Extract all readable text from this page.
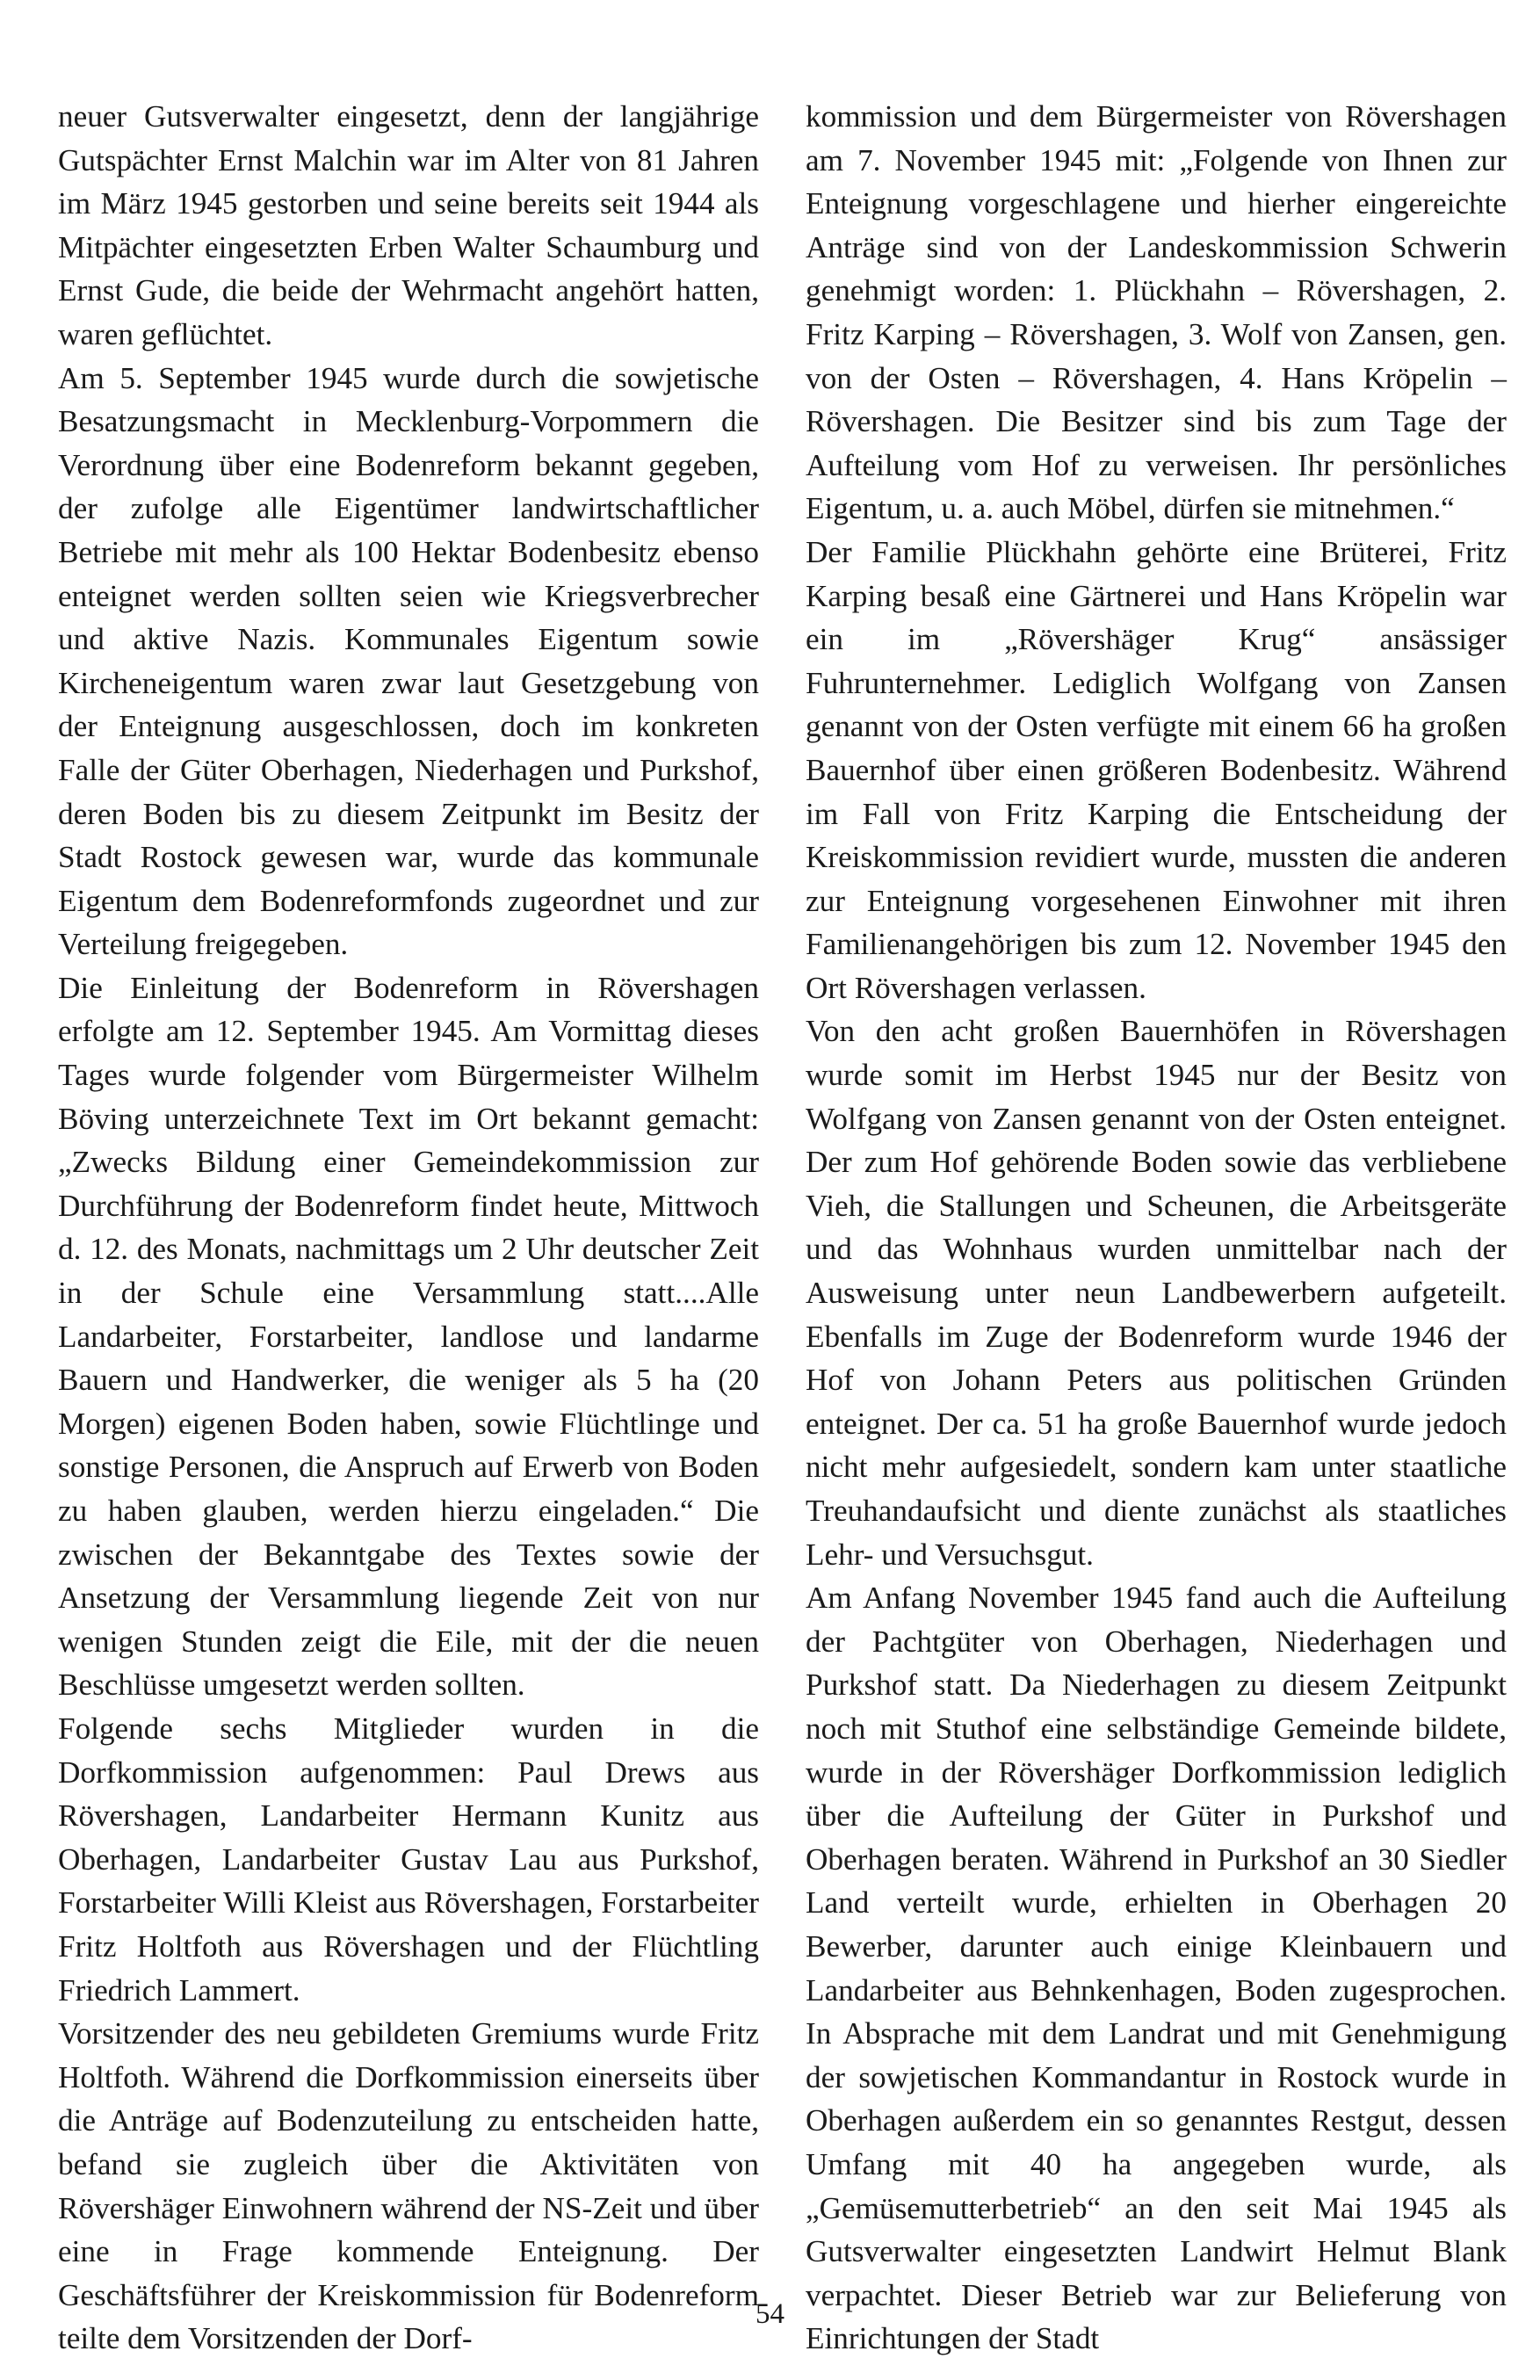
neuer Gutsverwalter eingesetzt, denn der langjährige Gutspächter Ernst Malchin war im Alter von 81 Jahren im März 1945 gestorben und seine bereits seit 1944 als Mitpächter eingesetzten Erben Walter Schaumburg und Ernst Gude, die beide der Wehrmacht angehört hatten, waren geflüchtet.

Am 5. September 1945 wurde durch die sowjetische Besatzungsmacht in Mecklenburg-Vorpommern die Verordnung über eine Bodenreform bekannt gegeben, der zufolge alle Eigentümer landwirtschaftlicher Betriebe mit mehr als 100 Hektar Bodenbesitz ebenso enteignet werden sollten seien wie Kriegsverbrecher und aktive Nazis. Kommunales Eigentum sowie Kircheneigentum waren zwar laut Gesetzgebung von der Enteignung ausgeschlossen, doch im konkreten Falle der Güter Oberhagen, Niederhagen und Purkshof, deren Boden bis zu diesem Zeitpunkt im Besitz der Stadt Rostock gewesen war, wurde das kommunale Eigentum dem Bodenreformfonds zugeordnet und zur Verteilung freigegeben.

Die Einleitung der Bodenreform in Rövershagen erfolgte am 12. September 1945. Am Vormittag dieses Tages wurde folgender vom Bürgermeister Wilhelm Böving unterzeichnete Text im Ort bekannt gemacht: „Zwecks Bildung einer Gemeindekommission zur Durchführung der Bodenreform findet heute, Mittwoch d. 12. des Monats, nachmittags um 2 Uhr deutscher Zeit in der Schule eine Versammlung statt....Alle Landarbeiter, Forstarbeiter, landlose und landarme Bauern und Handwerker, die weniger als 5 ha (20 Morgen) eigenen Boden haben, sowie Flüchtlinge und sonstige Personen, die Anspruch auf Erwerb von Boden zu haben glauben, werden hierzu eingeladen.“ Die zwischen der Bekanntgabe des Textes sowie der Ansetzung der Versammlung liegende Zeit von nur wenigen Stunden zeigt die Eile, mit der die neuen Beschlüsse umgesetzt werden sollten.

Folgende sechs Mitglieder wurden in die Dorfkommission aufgenommen: Paul Drews aus Rövershagen, Landarbeiter Hermann Kunitz aus Oberhagen, Landarbeiter Gustav Lau aus Purkshof, Forstarbeiter Willi Kleist aus Rövershagen, Forstarbeiter Fritz Holtfoth aus Rövershagen und der Flüchtling Friedrich Lammert.

Vorsitzender des neu gebildeten Gremiums wurde Fritz Holtfoth. Während die Dorfkommission einerseits über die Anträge auf Bodenzuteilung zu entscheiden hatte, befand sie zugleich über die Aktivitäten von Rövershäger Einwohnern während der NS-Zeit und über eine in Frage kommende Enteignung. Der Geschäftsführer der Kreiskommission für Bodenreform teilte dem Vorsitzenden der Dorf-

kommission und dem Bürgermeister von Rövershagen am 7. November 1945 mit: „Folgende von Ihnen zur Enteignung vorgeschlagene und hierher eingereichte Anträge sind von der Landeskommission Schwerin genehmigt worden: 1. Plückhahn – Rövershagen, 2. Fritz Karping – Rövershagen, 3. Wolf von Zansen, gen. von der Osten – Rövershagen, 4. Hans Kröpelin – Rövershagen. Die Besitzer sind bis zum Tage der Aufteilung vom Hof zu verweisen. Ihr persönliches Eigentum, u. a. auch Möbel, dürfen sie mitnehmen.“

Der Familie Plückhahn gehörte eine Brüterei, Fritz Karping besaß eine Gärtnerei und Hans Kröpelin war ein im „Rövershäger Krug“ ansässiger Fuhrunternehmer. Lediglich Wolfgang von Zansen genannt von der Osten verfügte mit einem 66 ha großen Bauernhof über einen größeren Bodenbesitz. Während im Fall von Fritz Karping die Entscheidung der Kreiskommission revidiert wurde, mussten die anderen zur Enteignung vorgesehenen Einwohner mit ihren Familienangehörigen bis zum 12. November 1945 den Ort Rövershagen verlassen.

Von den acht großen Bauernhöfen in Rövershagen wurde somit im Herbst 1945 nur der Besitz von Wolfgang von Zansen genannt von der Osten enteignet. Der zum Hof gehörende Boden sowie das verbliebene Vieh, die Stallungen und Scheunen, die Arbeitsgeräte und das Wohnhaus wurden unmittelbar nach der Ausweisung unter neun Landbewerbern aufgeteilt. Ebenfalls im Zuge der Bodenreform wurde 1946 der Hof von Johann Peters aus politischen Gründen enteignet. Der ca. 51 ha große Bauernhof wurde jedoch nicht mehr aufgesiedelt, sondern kam unter staatliche Treuhandaufsicht und diente zunächst als staatliches Lehr- und Versuchsgut.

Am Anfang November 1945 fand auch die Aufteilung der Pachtgüter von Oberhagen, Niederhagen und Purkshof statt. Da Niederhagen zu diesem Zeitpunkt noch mit Stuthof eine selbständige Gemeinde bildete, wurde in der Rövershäger Dorfkommission lediglich über die Aufteilung der Güter in Purkshof und Oberhagen beraten. Während in Purkshof an 30 Siedler Land verteilt wurde, erhielten in Oberhagen 20 Bewerber, darunter auch einige Kleinbauern und Landarbeiter aus Behnkenhagen, Boden zugesprochen. In Absprache mit dem Landrat und mit Genehmigung der sowjetischen Kommandantur in Rostock wurde in Oberhagen außerdem ein so genanntes Restgut, dessen Umfang mit 40 ha angegeben wurde, als „Gemüsemutterbetrieb“ an den seit Mai 1945 als Gutsverwalter eingesetzten Landwirt Helmut Blank verpachtet. Dieser Betrieb war zur Belieferung von Einrichtungen der Stadt

54
